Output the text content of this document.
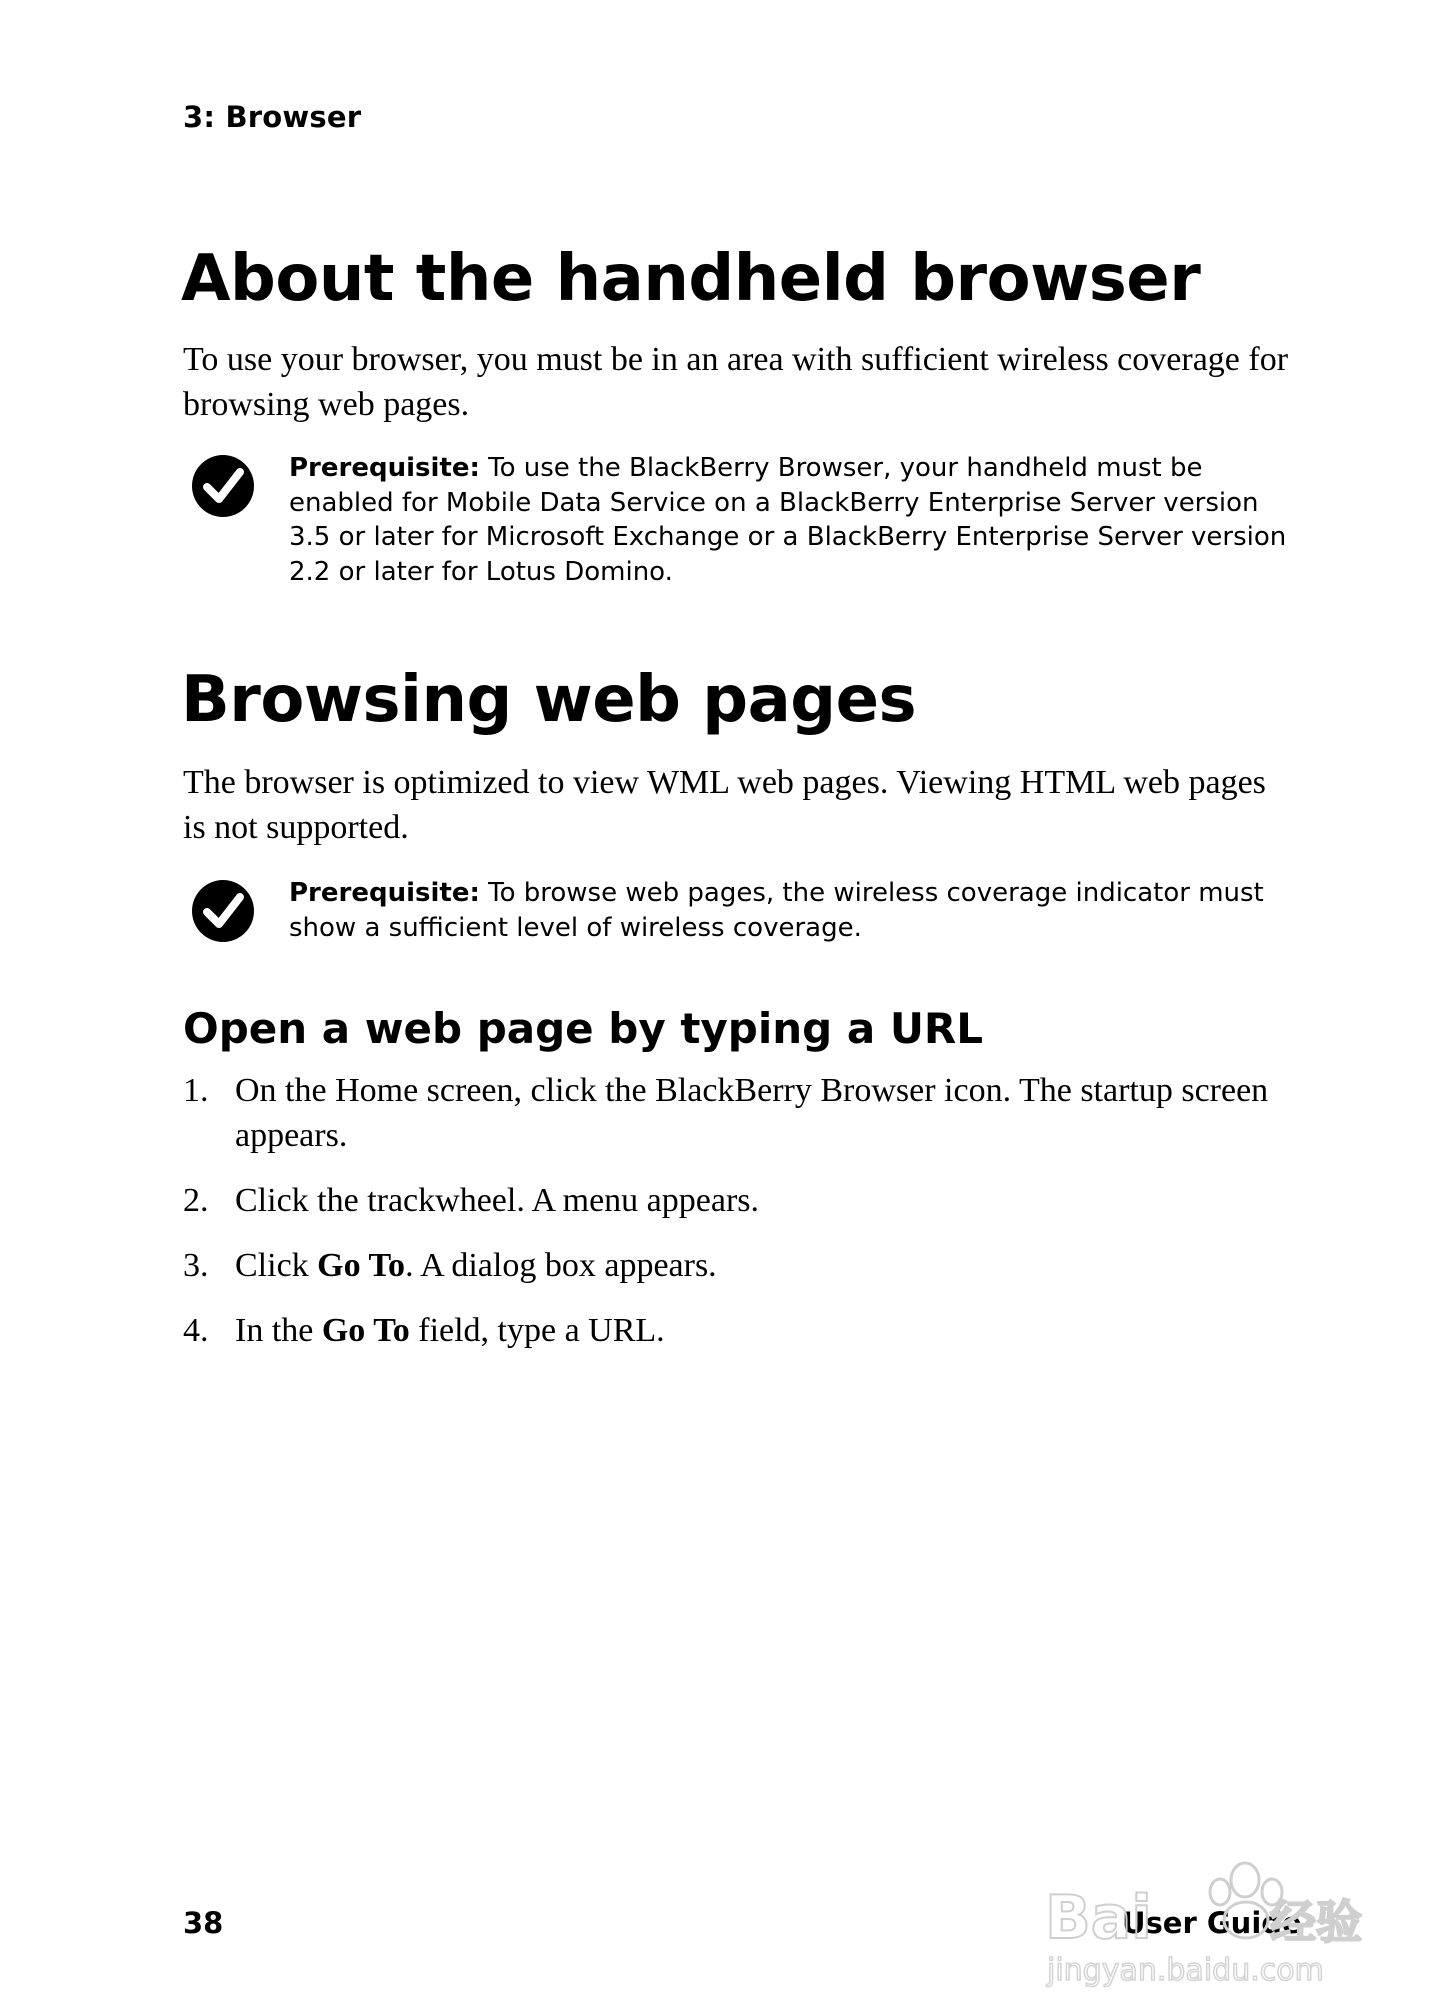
3: Browser
About the handheld browser

To use your browser, you must be in an area with sufficient wireless coverage for browsing web pages.

Prerequisite: To use the BlackBerry Browser, your handheld must be enabled for Mobile Data Service on a BlackBerry Enterprise Server version 3.5 or later for Microsoft Exchange or a BlackBerry Enterprise Server version 2.2 or later for Lotus Domino.

Browsing web pages

The browser is optimized to view WML web pages. Viewing HTML web pages is not supported.

Prerequisite: To browse web pages, the wireless coverage indicator must show a sufficient level of wireless coverage.

Open a web page by typing a URL
1. On the Home screen, click the BlackBerry Browser icon. The startup screen appears.
2. Click the trackwheel. A menu appears.
3. Click Go To. A dialog box appears.
4. In the Go To field, type a URL.
38	User Guide
Bai	经验
jingyan.baidu.com
